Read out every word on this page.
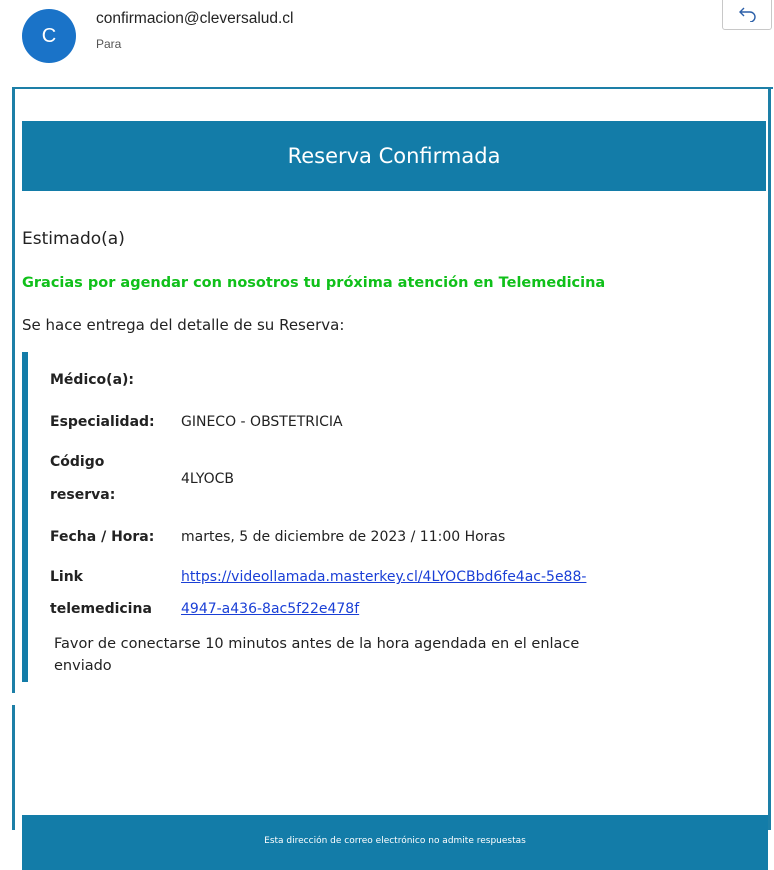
C
confirmacion@cleversalud.cl
Para
Reserva Confirmada
Estimado(a)
Gracias por agendar con nosotros tu próxima atención en Telemedicina
Se hace entrega del detalle de su Reserva:
Médico(a):
Especialidad: GINECO - OBSTETRICIA
Código
reserva:
4LYOCB
Fecha / Hora: martes, 5 de diciembre de 2023 / 11:00 Horas
Link
telemedicina
https://videollamada.masterkey.cl/4LYOCBbd6fe4ac-5e88-
4947-a436-8ac5f22e478f
Favor de conectarse 10 minutos antes de la hora agendada en el enlace enviado
Esta dirección de correo electrónico no admite respuestas
